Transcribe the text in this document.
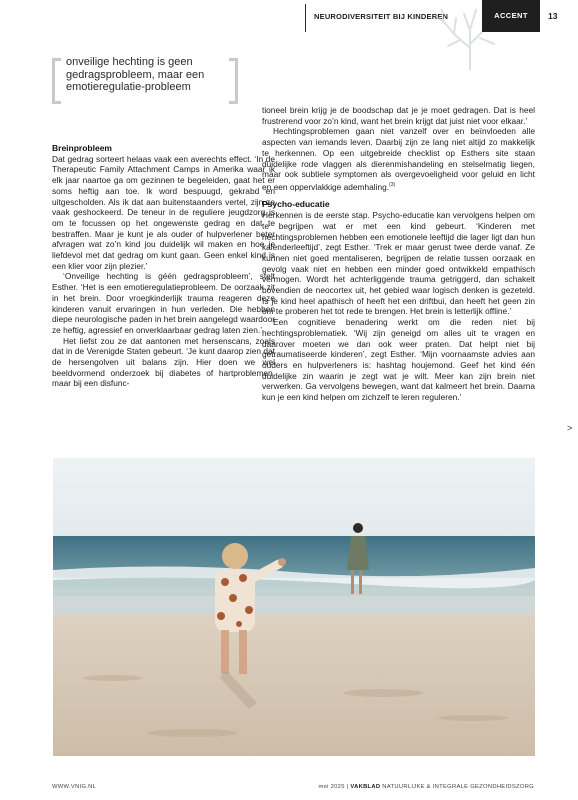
NEURODIVERSITEIT BIJ KINDEREN	ACCENT	13
onveilige hechting is geen gedragsprobleem, maar een emotieregulatie-probleem
Breinprobleem

Dat gedrag sorteert helaas vaak een averechts effect. ‘In de Therapeutic Family Attachment Camps in Amerika waar ik elk jaar naartoe ga om gezinnen te begeleiden, gaat het er soms heftig aan toe. Ik word bespuugd, gekrabd en uitgescholden. Als ik dat aan buitenstaanders vertel, zijn ze vaak geshockeerd. De teneur in de reguliere jeugdzorg is om te focussen op het ongewenste gedrag en dat te bestraffen. Maar je kunt je als ouder of hulpverlener beter afvragen wat zo’n kind jou duidelijk wil maken en hoe je liefdevol met dat gedrag om kunt gaan. Geen enkel kind is een klier voor zijn plezier.’

‘Onveilige hechting is géén gedragsprobleem’, stelt Esther. ‘Het is een emotieregulatieprobleem. De oorzaak zit in het brein. Door vroegkinderlijk trauma reageren deze kinderen vanuit ervaringen in hun verleden. Die hebben diepe neurologische paden in het brein aangelegd waardoor ze heftig, agressief en onverklaarbaar gedrag laten zien.’

Het liefst zou ze dat aantonen met hersenscans, zoals dat in de Verenigde Staten gebeurt. ‘Je kunt daarop zien dat de hersengolven uit balans zijn. Hier doen we wel beeldvormend onderzoek bij diabetes of hartproblemen, maar bij een disfunc-

tioneel brein krijg je de boodschap dat je je moet gedragen. Dat is heel frustrerend voor zo’n kind, want het brein krijgt dat juist niet voor elkaar.’

Hechtingsproblemen gaan niet vanzelf over en beïnvloeden alle aspecten van iemands leven. Daarbij zijn ze lang niet altijd zo makkelijk te herkennen. Op een uitgebreide checklist op Esthers site staan duidelijke rode vlaggen als dierenmishandeling en stelselmatig liegen, maar ook subtiele symptomen als overgevoeligheid voor geluid en licht en een oppervlakkige ademhaling.$^{(3)}$

Psycho-educatie

Herkennen is de eerste stap. Psycho-educatie kan vervolgens helpen om te begrijpen wat er met een kind gebeurt. ‘Kinderen met hechtingsproblemen hebben een emotionele leeftijd die lager ligt dan hun kalenderleeftijd’, zegt Esther. ‘Trek er maar gerust twee derde vanaf. Ze kunnen niet goed mentaliseren, begrijpen de relatie tussen oorzaak en gevolg vaak niet en hebben een minder goed ontwikkeld empathisch vermogen. Wordt het achterliggende trauma getriggerd, dan schakelt bovendien de neocortex uit, het gebied waar logisch denken is gezeteld. Is je kind heel apathisch of heeft het een driftbui, dan heeft het geen zin om te proberen het tot rede te brengen. Het brein is letterlijk offline.’

Een cognitieve benadering werkt om die reden niet bij hechtingsproblematiek. ‘Wij zijn geneigd om alles uit te vragen en daarover moeten we dan ook weer praten. Dat helpt niet bij getraumatiseerde kinderen’, zegt Esther. ‘Mijn voornaamste advies aan ouders en hulpverleners is: hashtag houjemond. Geef het kind één duidelijke zin waarin je zegt wat je wilt. Meer kan zijn brein niet verwerken. Ga vervolgens bewegen, want dat kalmeert het brein. Daarna kun je een kind helpen om zichzelf te leren reguleren.’

>
WWW.VNIG.NL	mei 2025 | VAKBLAD NATUURLIJKE & INTEGRALE GEZONDHEIDSZORG
